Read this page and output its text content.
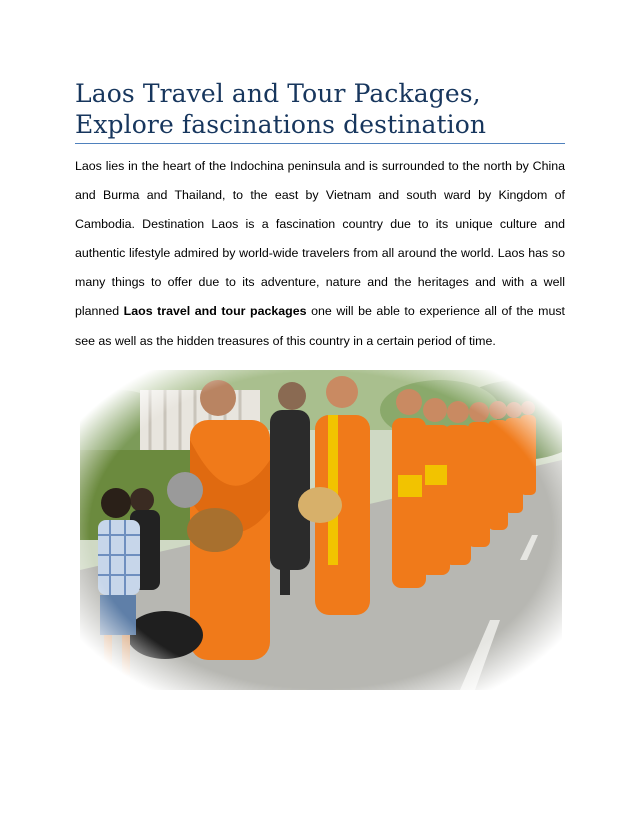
Laos Travel and Tour Packages, Explore fascinations destination

Laos lies in the heart of the Indochina peninsula and is surrounded to the north by China and Burma and Thailand, to the east by Vietnam and south ward by Kingdom of Cambodia. Destination Laos is a fascination country due to its unique culture and authentic lifestyle admired by world-wide travelers from all around the world. Laos has so many things to offer due to its adventure, nature and the heritages and with a well planned Laos travel and tour packages one will be able to experience all of the must see as well as the hidden treasures of this country in a certain period of time.
